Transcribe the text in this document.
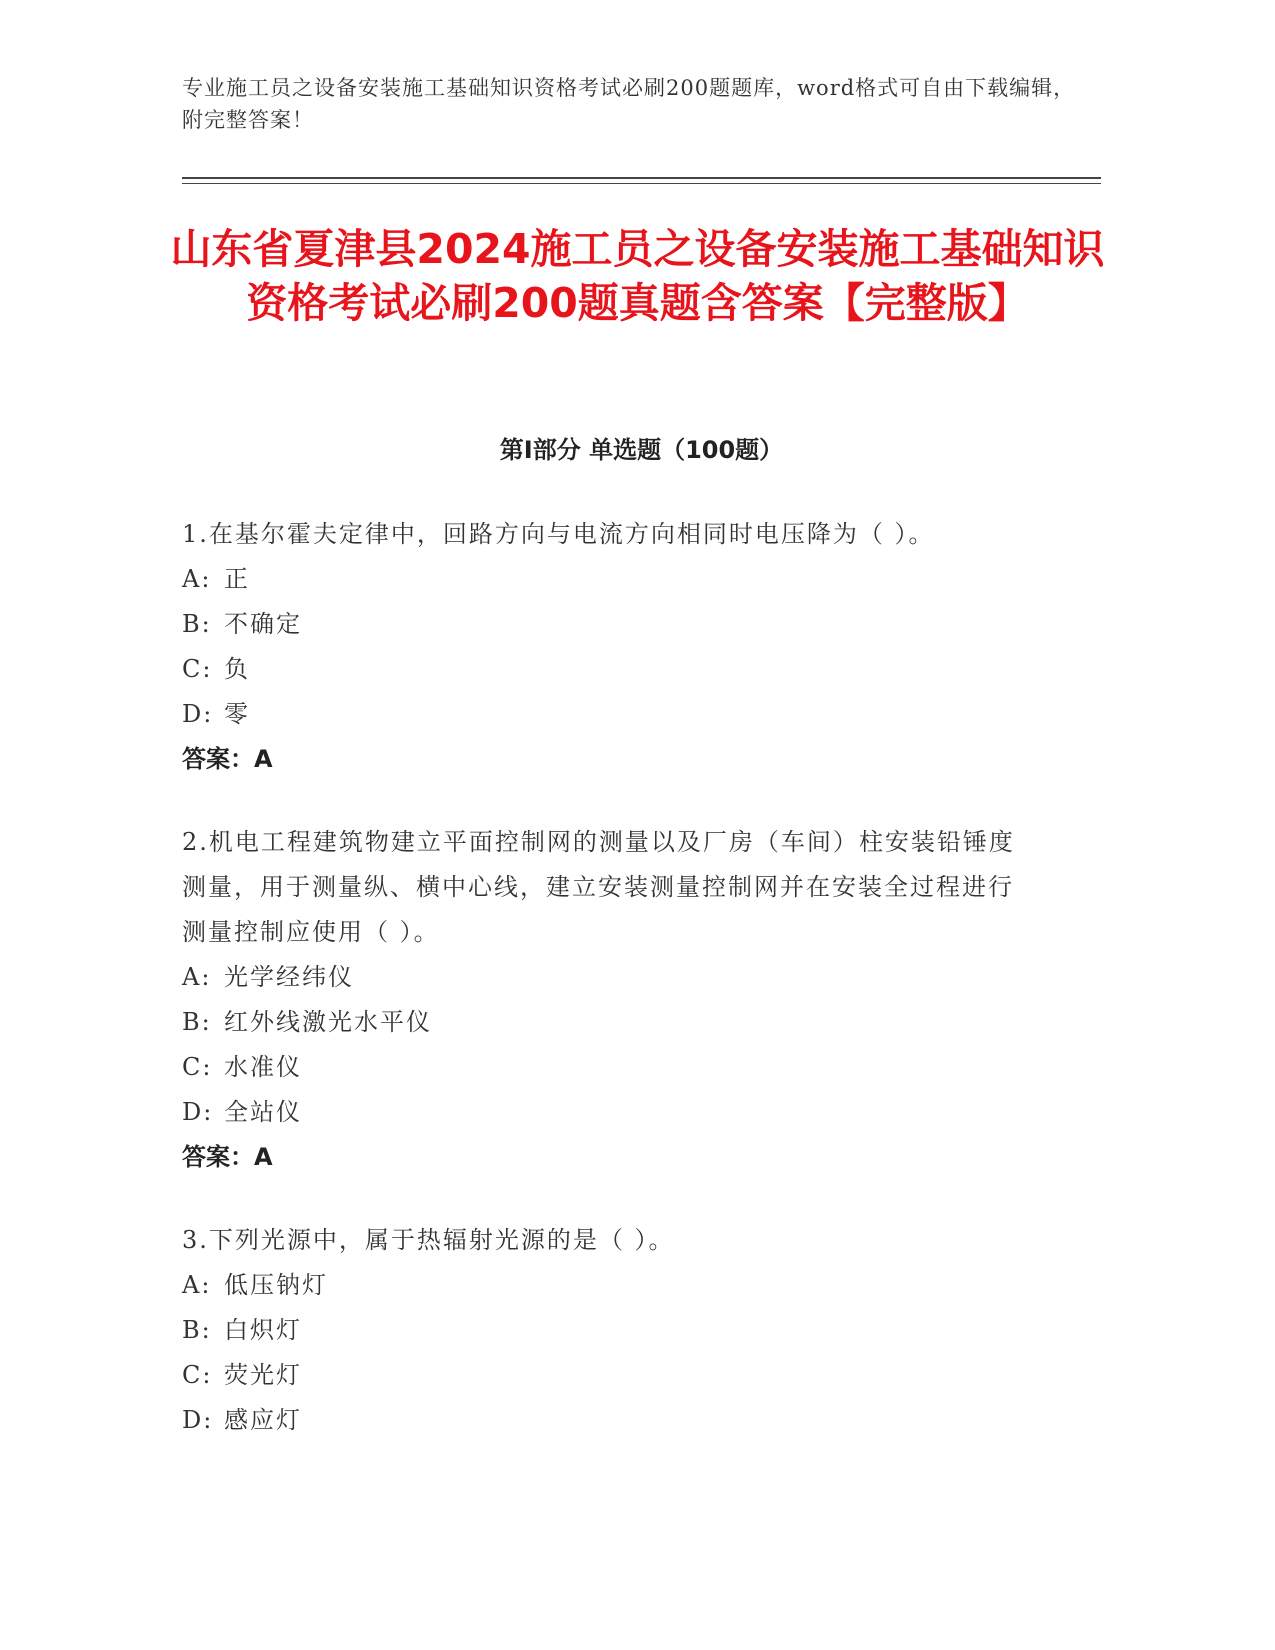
专业施工员之设备安装施工基础知识资格考试必刷200题题库，word格式可自由下载编辑，附完整答案！
山东省夏津县2024施工员之设备安装施工基础知识资格考试必刷200题真题含答案【完整版】
第I部分 单选题（100题）
1.在基尔霍夫定律中，回路方向与电流方向相同时电压降为（ ）。
A: 正
B: 不确定
C: 负
D: 零
答案：A
2.机电工程建筑物建立平面控制网的测量以及厂房（车间）柱安装铅锤度测量，用于测量纵、横中心线，建立安装测量控制网并在安装全过程进行测量控制应使用（ ）。
A: 光学经纬仪
B: 红外线激光水平仪
C: 水准仪
D: 全站仪
答案：A
3.下列光源中，属于热辐射光源的是（ ）。
A: 低压钠灯
B: 白炽灯
C: 荧光灯
D: 感应灯
